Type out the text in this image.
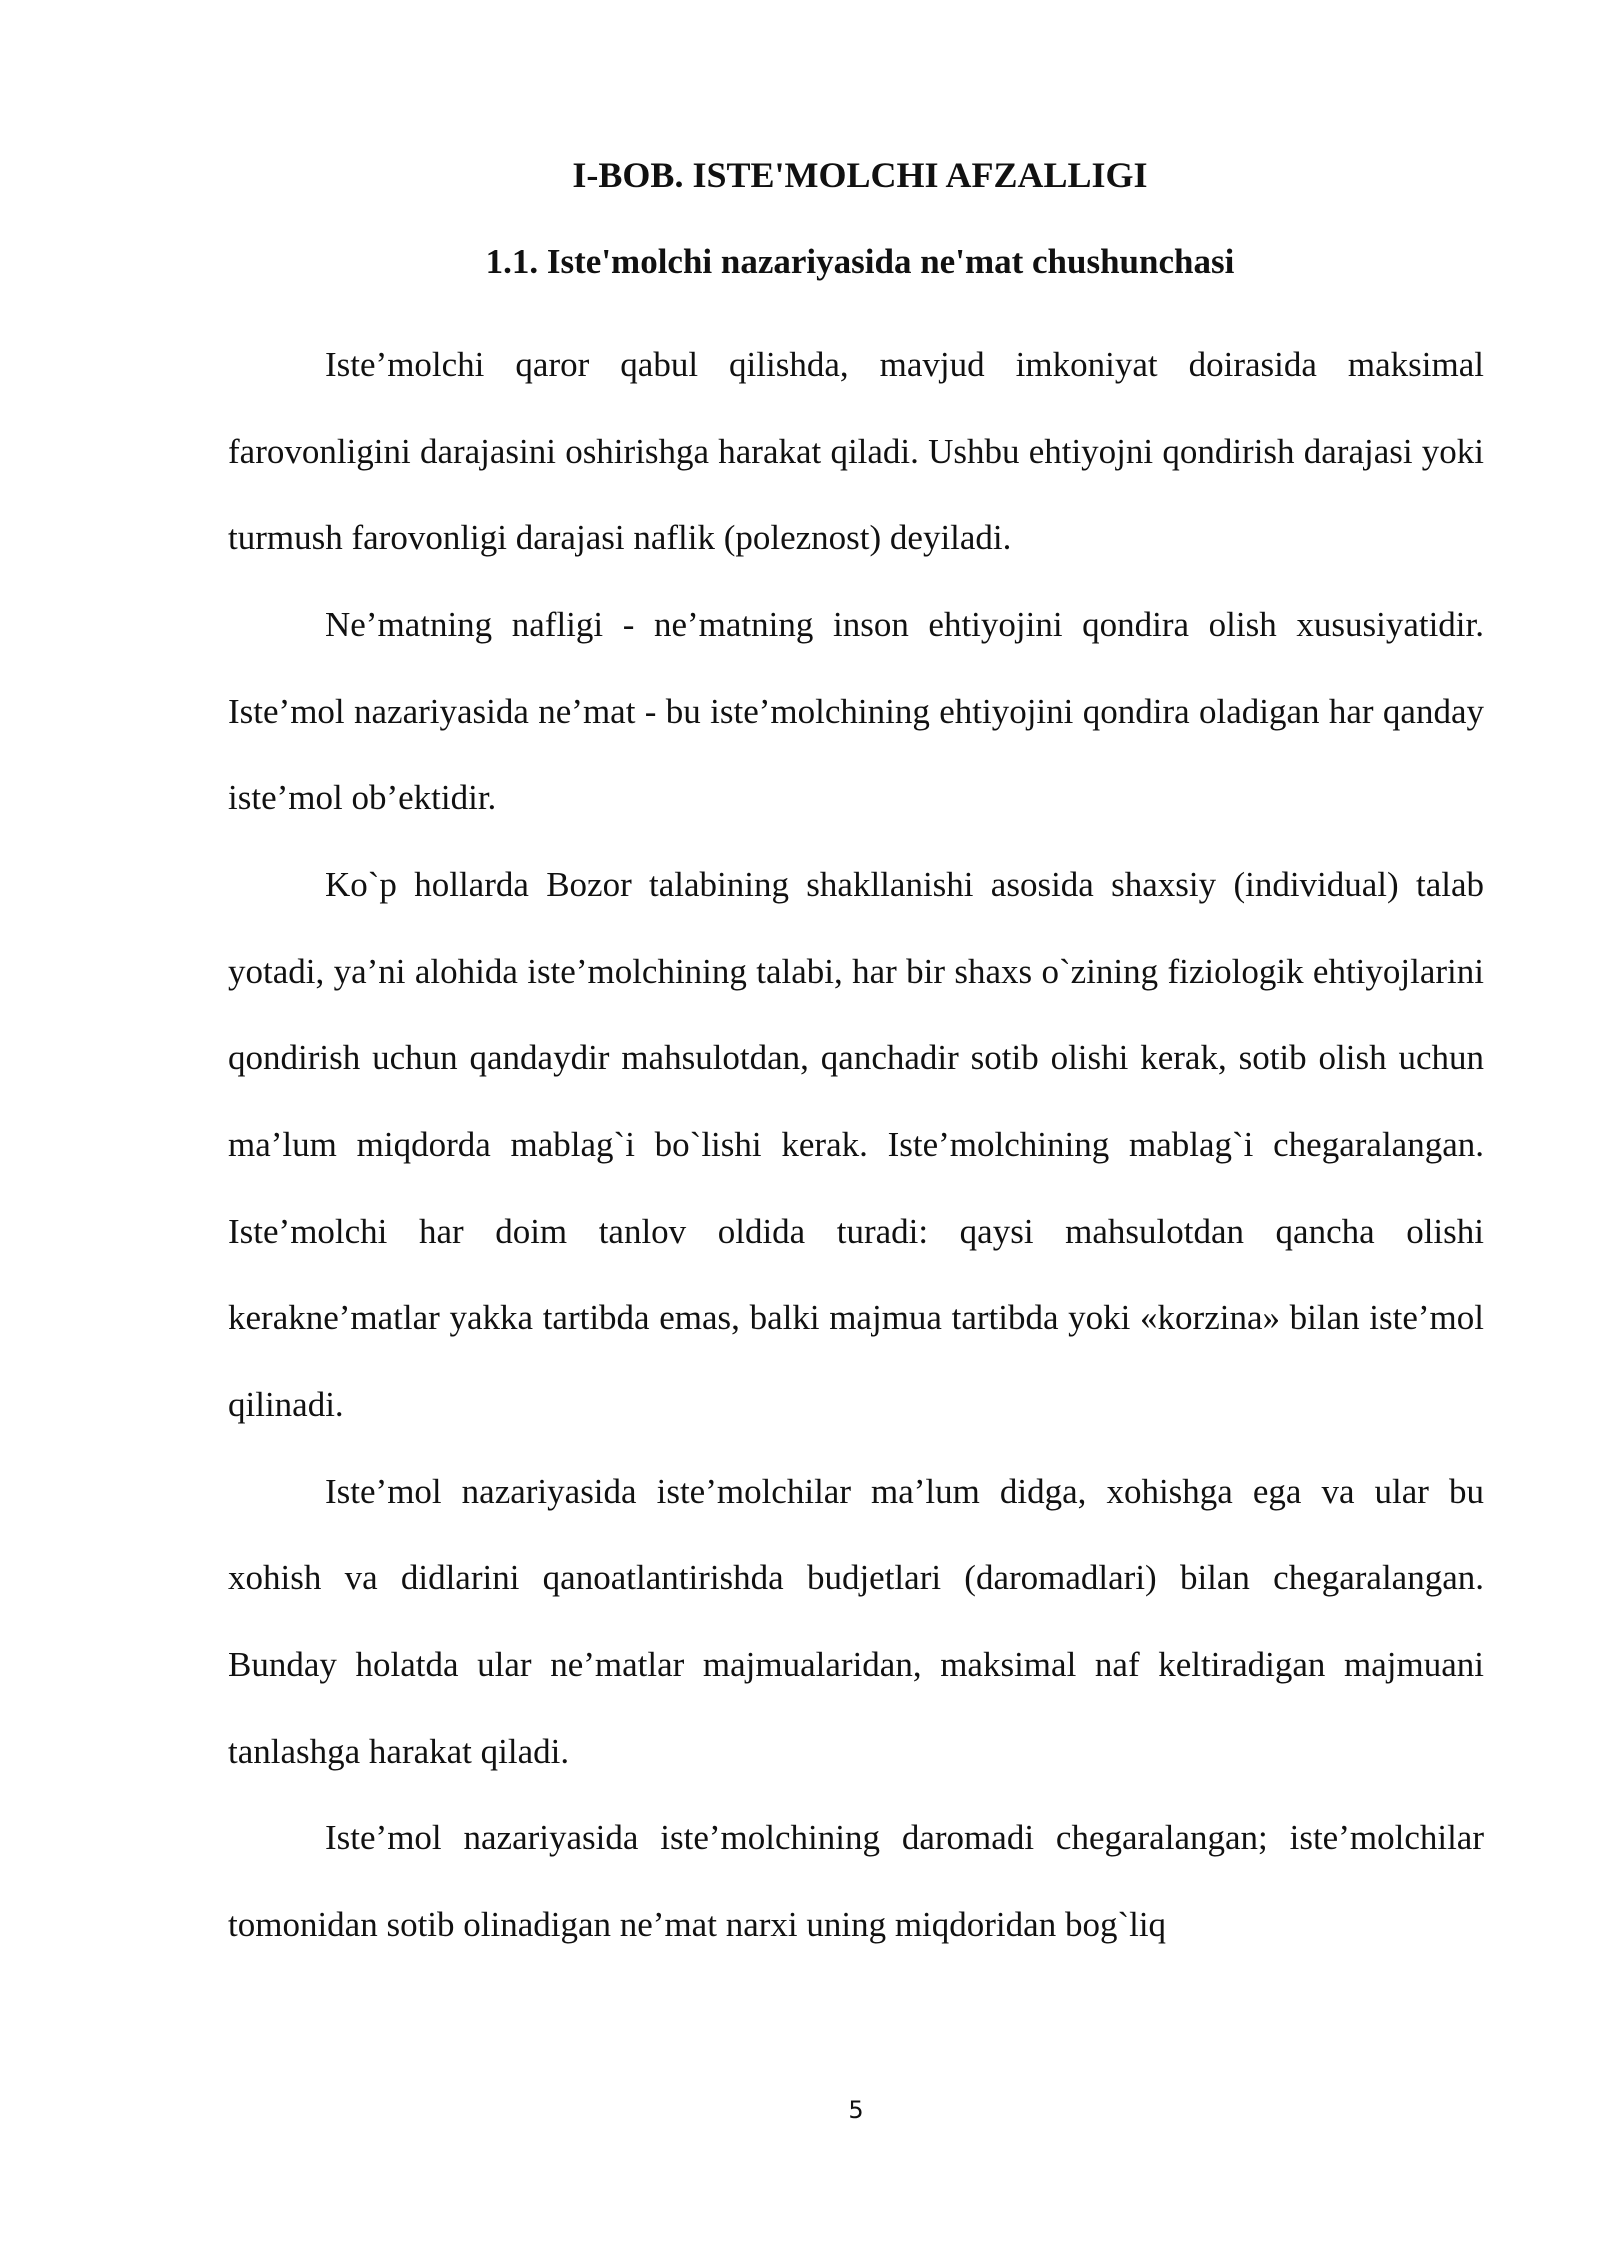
I-BOB. ISTE'MOLCHI AFZALLIGI
1.1. Iste'molchi nazariyasida ne'mat chushunchasi

Iste’molchi qaror qabul qilishda, mavjud imkoniyat doirasida maksimal farovonligini darajasini oshirishga harakat qiladi. Ushbu ehtiyojni qondirish darajasi yoki turmush farovonligi darajasi naflik (poleznost) deyiladi.

Ne’matning nafligi - ne’matning inson ehtiyojini qondira olish xususiyatidir. Iste’mol nazariyasida ne’mat - bu iste’molchining ehtiyojini qondira oladigan har qanday iste’mol ob’ektidir.

Ko`p hollarda Bozor talabining shakllanishi asosida shaxsiy (individual) talab yotadi, ya’ni alohida iste’molchining talabi, har bir shaxs o`zining fiziologik ehtiyojlarini qondirish uchun qandaydir mahsulotdan, qanchadir sotib olishi kerak, sotib olish uchun ma’lum miqdorda mablag`i bo`lishi kerak. Iste’molchining mablag`i chegaralangan. Iste’molchi har doim tanlov oldida turadi: qaysi mahsulotdan qancha olishi kerakne’matlar yakka tartibda emas, balki majmua tartibda yoki «korzina» bilan iste’mol qilinadi.

Iste’mol nazariyasida iste’molchilar ma’lum didga, xohishga ega va ular bu xohish va didlarini qanoatlantirishda budjetlari (daromadlari) bilan chegaralangan. Bunday holatda ular ne’matlar majmualaridan, maksimal naf keltiradigan majmuani tanlashga harakat qiladi.

Iste’mol nazariyasida iste’molchining daromadi chegaralangan; iste’molchilar tomonidan sotib olinadigan ne’mat narxi uning miqdoridan bog`liq

5
